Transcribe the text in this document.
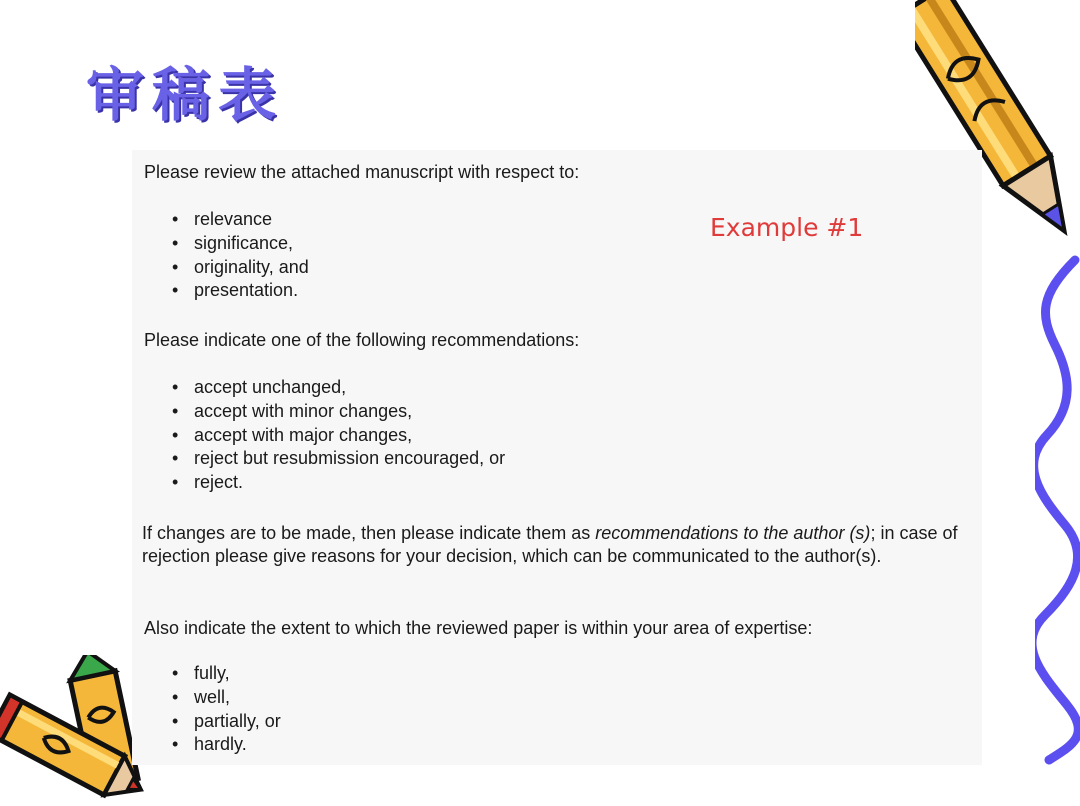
审稿表

Please review the attached manuscript with respect to:

• relevance
• significance,
• originality, and
• presentation.

Please indicate one of the following recommendations:

• accept unchanged,
• accept with minor changes,
• accept with major changes,
• reject but resubmission encouraged, or
• reject.

If changes are to be made, then please indicate them as recommendations to the author (s); in case of rejection please give reasons for your decision, which can be communicated to the author(s).

Also indicate the extent to which the reviewed paper is within your area of expertise:

• fully,
• well,
• partially, or
• hardly.
Example #1
